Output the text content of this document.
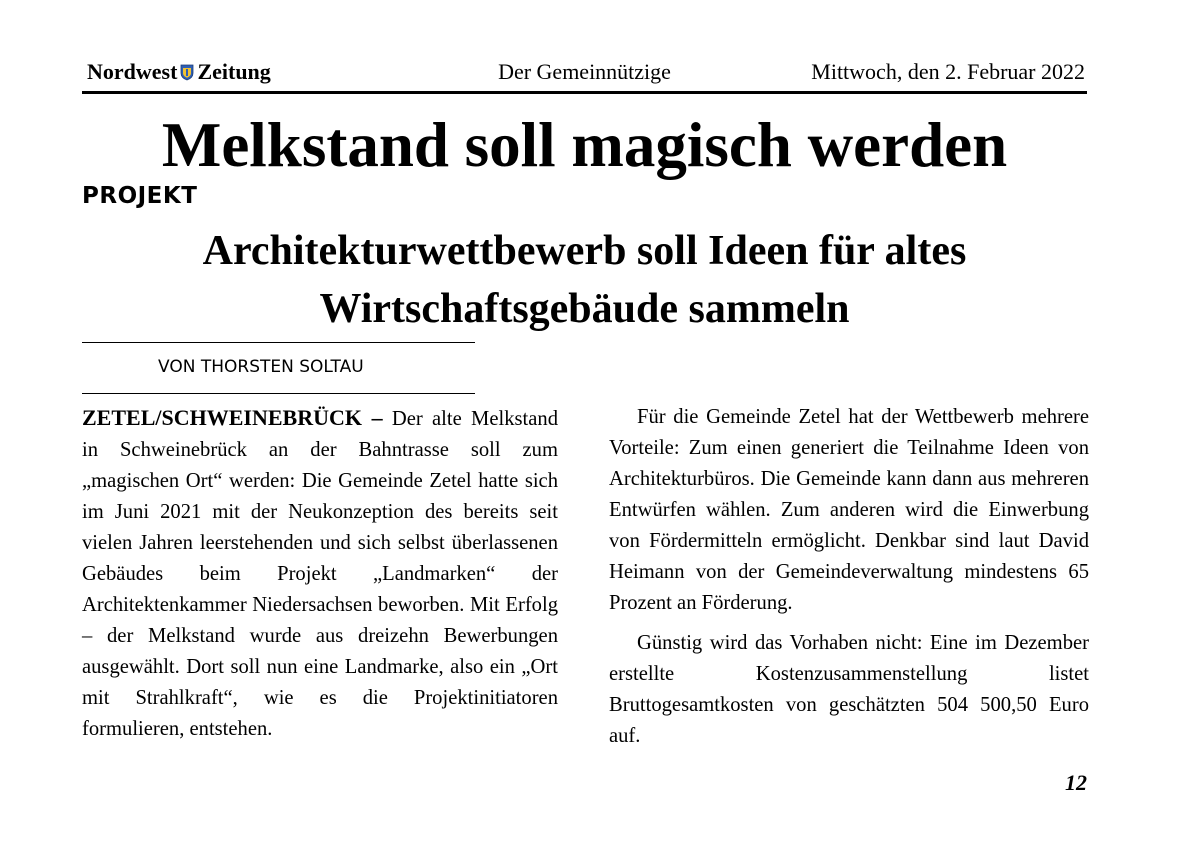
Nordwest Zeitung	Der Gemeinnützige	Mittwoch, den 2. Februar 2022
Melkstand soll magisch werden
PROJEKT
Architekturwettbewerb soll Ideen für altes Wirtschaftsgebäude sammeln
VON THORSTEN SOLTAU

ZETEL/SCHWEINEBRÜCK – Der alte Melkstand in Schweinebrück an der Bahntrasse soll zum „magischen Ort“ werden: Die Gemeinde Zetel hatte sich im Juni 2021 mit der Neukonzeption des bereits seit vielen Jahren leerstehenden und sich selbst überlassenen Gebäudes beim Projekt „Landmarken“ der Architektenkammer Niedersachsen beworben. Mit Erfolg – der Melkstand wurde aus dreizehn Bewerbungen ausgewählt. Dort soll nun eine Landmarke, also ein „Ort mit Strahlkraft“, wie es die Projektinitiatoren formulieren, entstehen.

Für die Gemeinde Zetel hat der Wettbewerb mehrere Vorteile: Zum einen generiert die Teilnahme Ideen von Architekturbüros. Die Gemeinde kann dann aus mehreren Entwürfen wählen. Zum anderen wird die Einwerbung von Fördermitteln ermöglicht. Denkbar sind laut David Heimann von der Gemeindeverwaltung mindestens 65 Prozent an Förderung.

Günstig wird das Vorhaben nicht: Eine im Dezember erstellte Kostenzusammenstellung listet Bruttogesamtkosten von geschätzten 504 500,50 Euro auf.

12
